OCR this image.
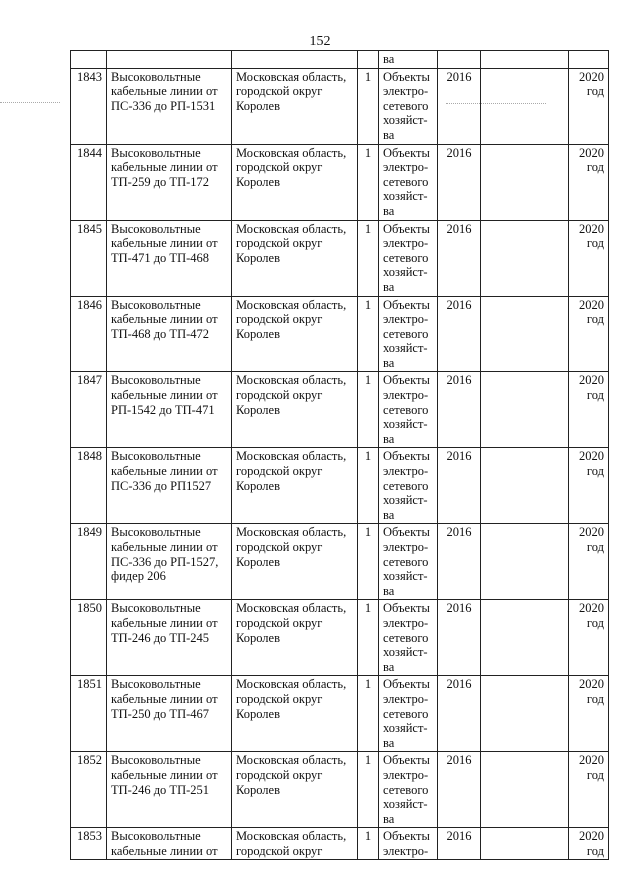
152
				ва			
1843	Высоковольтные кабельные линии от ПС-336 до РП-1531	Московская область, городской округ Королев	1	Объекты электро- сетевого хозяйст- ва	2016		2020 год
1844	Высоковольтные кабельные линии от ТП-259 до ТП-172	Московская область, городской округ Королев	1	Объекты электро- сетевого хозяйст- ва	2016		2020 год
1845	Высоковольтные кабельные линии от ТП-471 до ТП-468	Московская область, городской округ Королев	1	Объекты электро- сетевого хозяйст- ва	2016		2020 год
1846	Высоковольтные кабельные линии от ТП-468 до ТП-472	Московская область, городской округ Королев	1	Объекты электро- сетевого хозяйст- ва	2016		2020 год
1847	Высоковольтные кабельные линии от РП-1542 до ТП-471	Московская область, городской округ Королев	1	Объекты электро- сетевого хозяйст- ва	2016		2020 год
1848	Высоковольтные кабельные линии от ПС-336 до РП1527	Московская область, городской округ Королев	1	Объекты электро- сетевого хозяйст- ва	2016		2020 год
1849	Высоковольтные кабельные линии от ПС-336 до РП-1527, фидер 206	Московская область, городской округ Королев	1	Объекты электро- сетевого хозяйст- ва	2016		2020 год
1850	Высоковольтные кабельные линии от ТП-246 до ТП-245	Московская область, городской округ Королев	1	Объекты электро- сетевого хозяйст- ва	2016		2020 год
1851	Высоковольтные кабельные линии от ТП-250 до ТП-467	Московская область, городской округ Королев	1	Объекты электро- сетевого хозяйст- ва	2016		2020 год
1852	Высоковольтные кабельные линии от ТП-246 до ТП-251	Московская область, городской округ Королев	1	Объекты электро- сетевого хозяйст- ва	2016		2020 год
1853	Высоковольтные кабельные линии от	Московская область, городской округ	1	Объекты электро-	2016		2020 год
